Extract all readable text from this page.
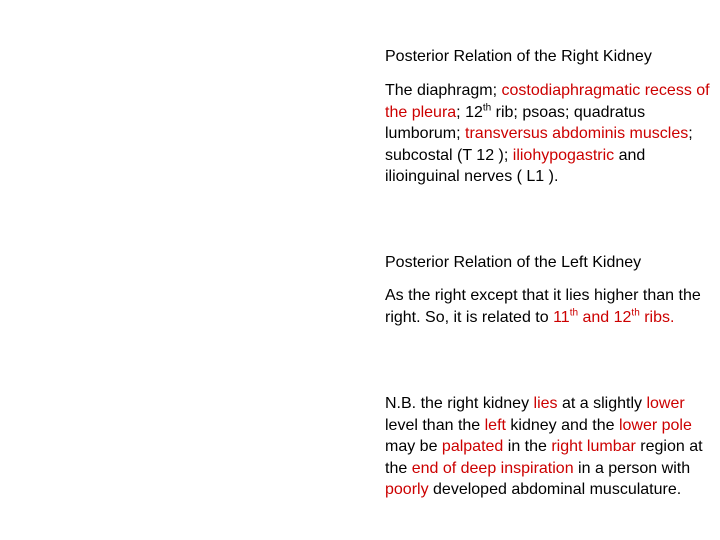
Posterior Relation of the Right Kidney
The diaphragm; costodiaphragmatic recess of the pleura; 12th rib; psoas; quadratus lumborum; transversus abdominis muscles; subcostal (T 12 ); iliohypogastric and ilioinguinal nerves ( L1 ).
Posterior Relation of the Left Kidney
As the right except that it lies higher than the right. So, it is related to 11th and 12th ribs.
N.B. the right kidney lies at a slightly lower level than the left kidney and the lower pole may be palpated in the right lumbar region at the end of deep inspiration in a person with poorly developed abdominal musculature.
